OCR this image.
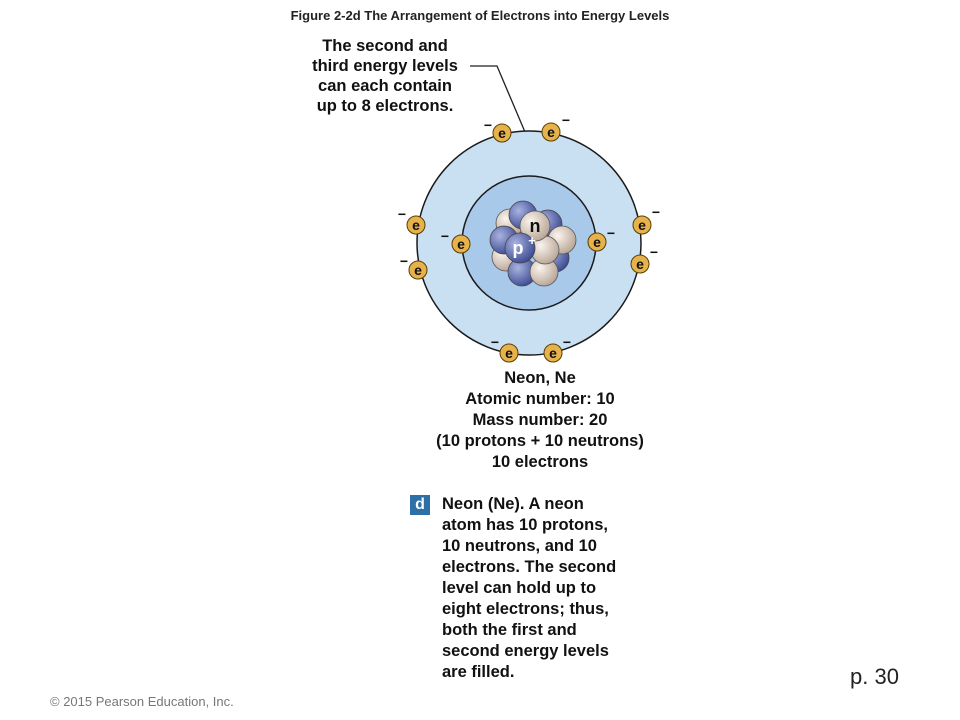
Figure 2-2d The Arrangement of Electrons into Energy Levels
The second and
third energy levels
can each contain
up to 8 electrons.
n
p +
e
−	e
−
e
−	e
−
e
−
e
−
e
−
e
−
e
−
e
−
Neon, Ne
Atomic number: 10
Mass number: 20
(10 protons + 10 neutrons)
10 electrons
d	Neon (Ne). A neon
atom has 10 protons,
10 neutrons, and 10
electrons. The second
level can hold up to
eight electrons; thus,
both the first and
second energy levels
are filled.	p. 30
© 2015 Pearson Education, Inc.
